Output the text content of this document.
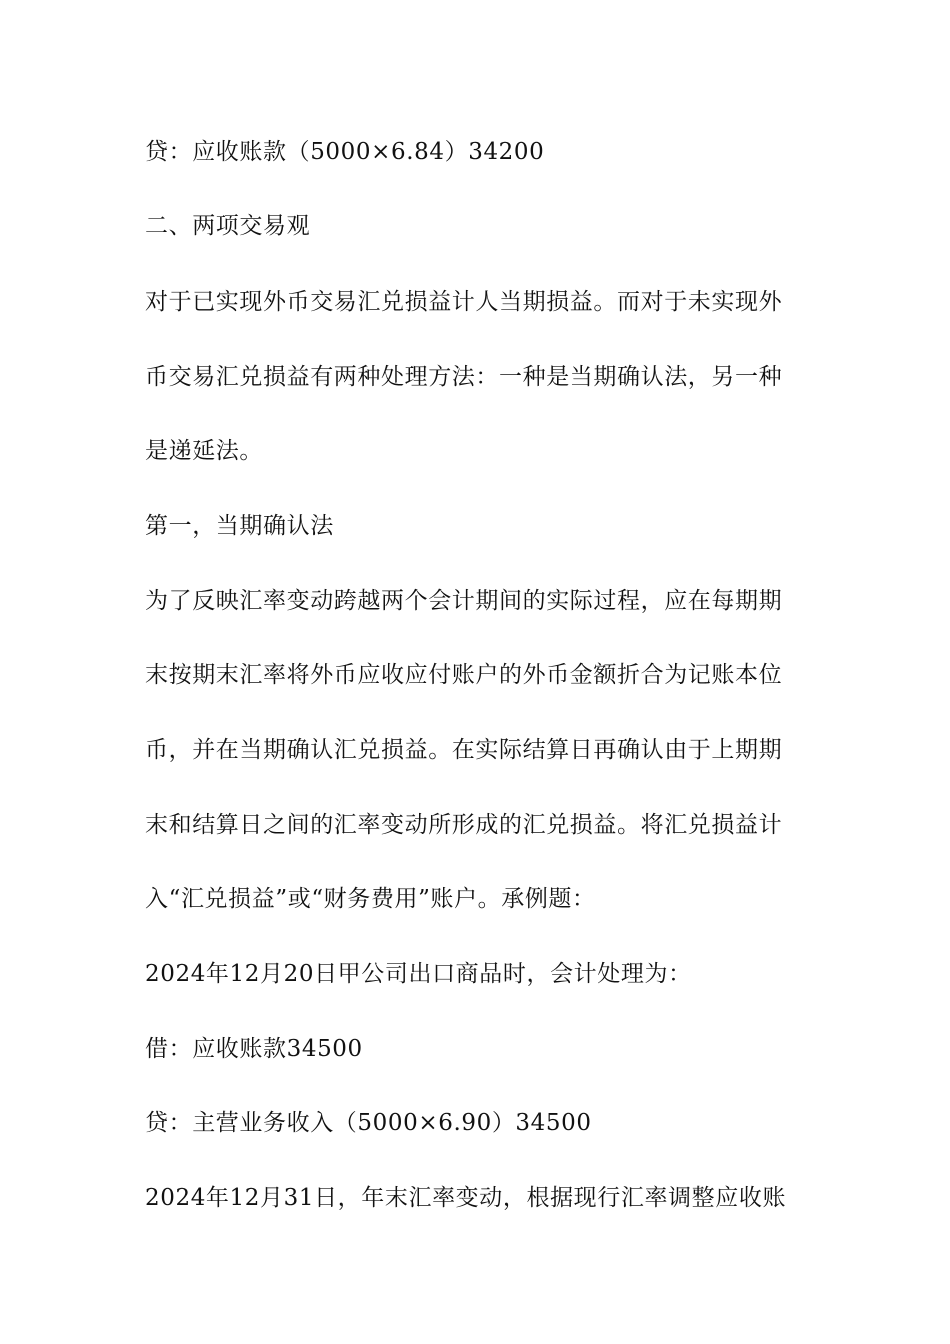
贷：应收账款（5000×6.84）34200
二、两项交易观
对于已实现外币交易汇兑损益计人当期损益。而对于未实现外
币交易汇兑损益有两种处理方法：一种是当期确认法，另一种
是递延法。
第一，当期确认法
为了反映汇率变动跨越两个会计期间的实际过程，应在每期期
末按期末汇率将外币应收应付账户的外币金额折合为记账本位
币，并在当期确认汇兑损益。在实际结算日再确认由于上期期
末和结算日之间的汇率变动所形成的汇兑损益。将汇兑损益计
入“汇兑损益”或“财务费用”账户。承例题：
2024年12月20日甲公司出口商品时，会计处理为：
借：应收账款34500
贷：主营业务收入（5000×6.90）34500
2024年12月31日，年末汇率变动，根据现行汇率调整应收账
